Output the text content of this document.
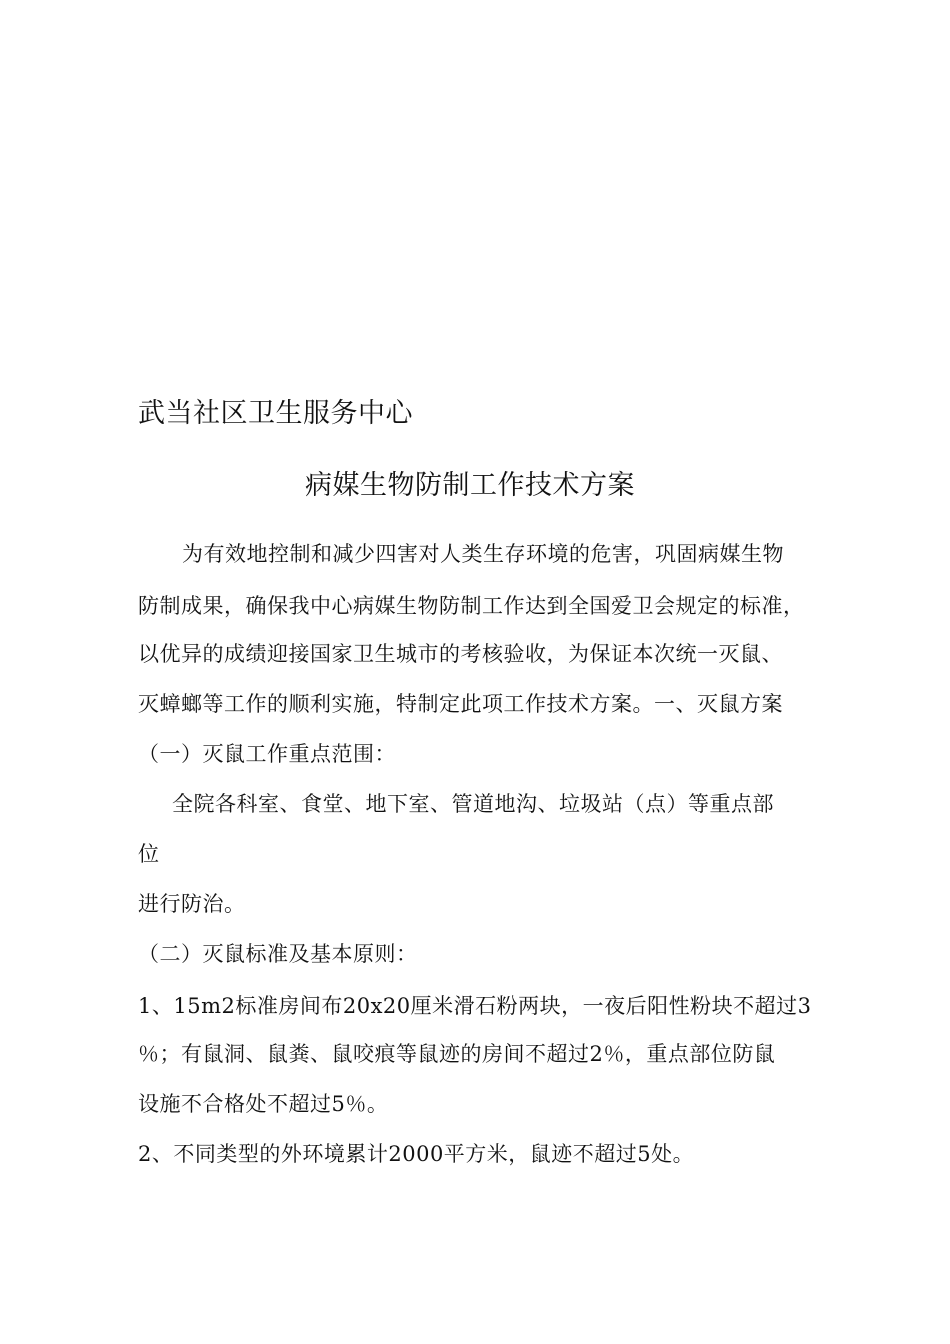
武当社区卫生服务中心
病媒生物防制工作技术方案
为有效地控制和减少四害对人类生存环境的危害，巩固病媒生物
防制成果，确保我中心病媒生物防制工作达到全国爱卫会规定的标准，
以优异的成绩迎接国家卫生城市的考核验收，为保证本次统一灭鼠、
灭蟑螂等工作的顺利实施，特制定此项工作技术方案。一、灭鼠方案
（一）灭鼠工作重点范围：
全院各科室、食堂、地下室、管道地沟、垃圾站（点）等重点部
位
进行防治。
（二）灭鼠标准及基本原则：
1、15m2标准房间布20x20厘米滑石粉两块，一夜后阳性粉块不超过3
％；有鼠洞、鼠粪、鼠咬痕等鼠迹的房间不超过2％，重点部位防鼠
设施不合格处不超过5％。
2、不同类型的外环境累计2000平方米，鼠迹不超过5处。
